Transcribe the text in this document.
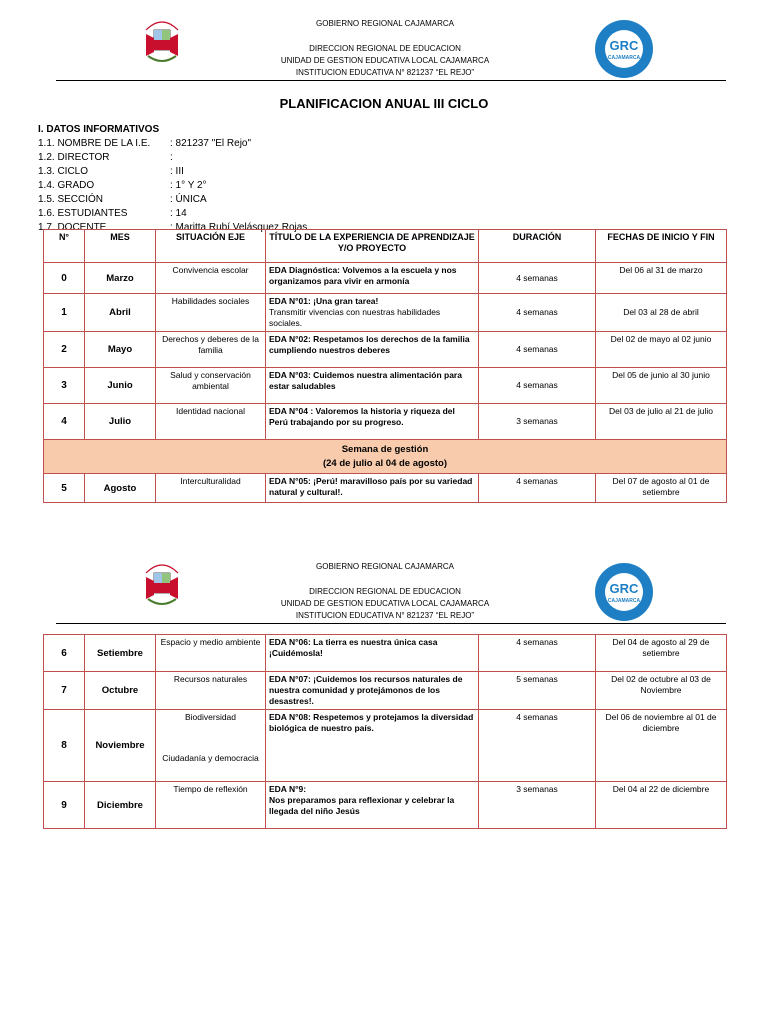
GOBIERNO REGIONAL CAJAMARCA
DIRECCION REGIONAL DE EDUCACION
UNIDAD DE GESTION EDUCATIVA LOCAL CAJAMARCA
INSTITUCION EDUCATIVA N° 821237 “EL REJO”
GRC
CAJAMARCA
PLANIFICACION ANUAL III CICLO
I. DATOS INFORMATIVOS
1.1. NOMBRE DE LA I.E. : 821237 "El Rejo"
1.2. DIRECTOR	:
1.3. CICLO	: III
1.4. GRADO	: 1° Y 2°
1.5. SECCIÓN	: ÚNICA
1.6. ESTUDIANTES	: 14
1.7. DOCENTE	: Maritta Rubí Velásquez Rojas.
N°	MES	SITUACIÓN EJE	TÍTULO DE LA EXPERIENCIA DE APRENDIZAJE Y/O PROYECTO	DURACIÓN	FECHAS DE INICIO Y FIN
0	Marzo	Convivencia escolar	EDA Diagnóstica: Volvemos a la escuela y nos organizamos para vivir en armonía	4 semanas	Del 06 al 31 de marzo
1	Abril	Habilidades sociales	EDA N°01: ¡Una gran tarea!
Transmitir vivencias con nuestras habilidades sociales.	4 semanas	Del 03 al 28 de abril
2	Mayo	Derechos y deberes de la familia	EDA N°02: Respetamos los derechos de la familia cumpliendo nuestros deberes	4 semanas	Del 02 de mayo al 02 junio
3	Junio	Salud y conservación ambiental	EDA N°03: Cuidemos nuestra alimentación para estar saludables	4 semanas	Del 05 de junio al 30 junio
4	Julio	Identidad nacional	EDA N°04 : Valoremos la historia y riqueza del Perú trabajando por su progreso.	3 semanas	Del 03 de julio al 21 de julio

Semana de gestión
(24 de julio al 04 de agosto)					

5	Agosto	Interculturalidad	EDA N°05: ¡Perú! maravilloso país por su variedad natural y cultural!.	4 semanas	Del 07 de agosto al 01 de setiembre
GOBIERNO REGIONAL CAJAMARCA
DIRECCION REGIONAL DE EDUCACION
UNIDAD DE GESTION EDUCATIVA LOCAL CAJAMARCA
INSTITUCION EDUCATIVA N° 821237 “EL REJO”
GRC
CAJAMARCA
6	Setiembre	Espacio y medio ambiente	EDA N°06: La tierra es nuestra única casa ¡Cuidémosla!	4 semanas	Del 04 de agosto al 29 de setiembre
7	Octubre	Recursos naturales	EDA N°07: ¡Cuidemos los recursos naturales de nuestra comunidad y protejámonos de los desastres!.	5 semanas	Del 02 de octubre al 03 de Noviembre
8	Noviembre	Biodiversidad
Ciudadanía y democracia	EDA N°08: Respetemos y protejamos la diversidad biológica de nuestro país.	4 semanas	Del 06 de noviembre al 01 de diciembre
9	Diciembre	Tiempo de reflexión	EDA N°9:
Nos preparamos para reflexionar y celebrar la llegada del niño Jesús	3 semanas	Del 04 al 22 de diciembre
